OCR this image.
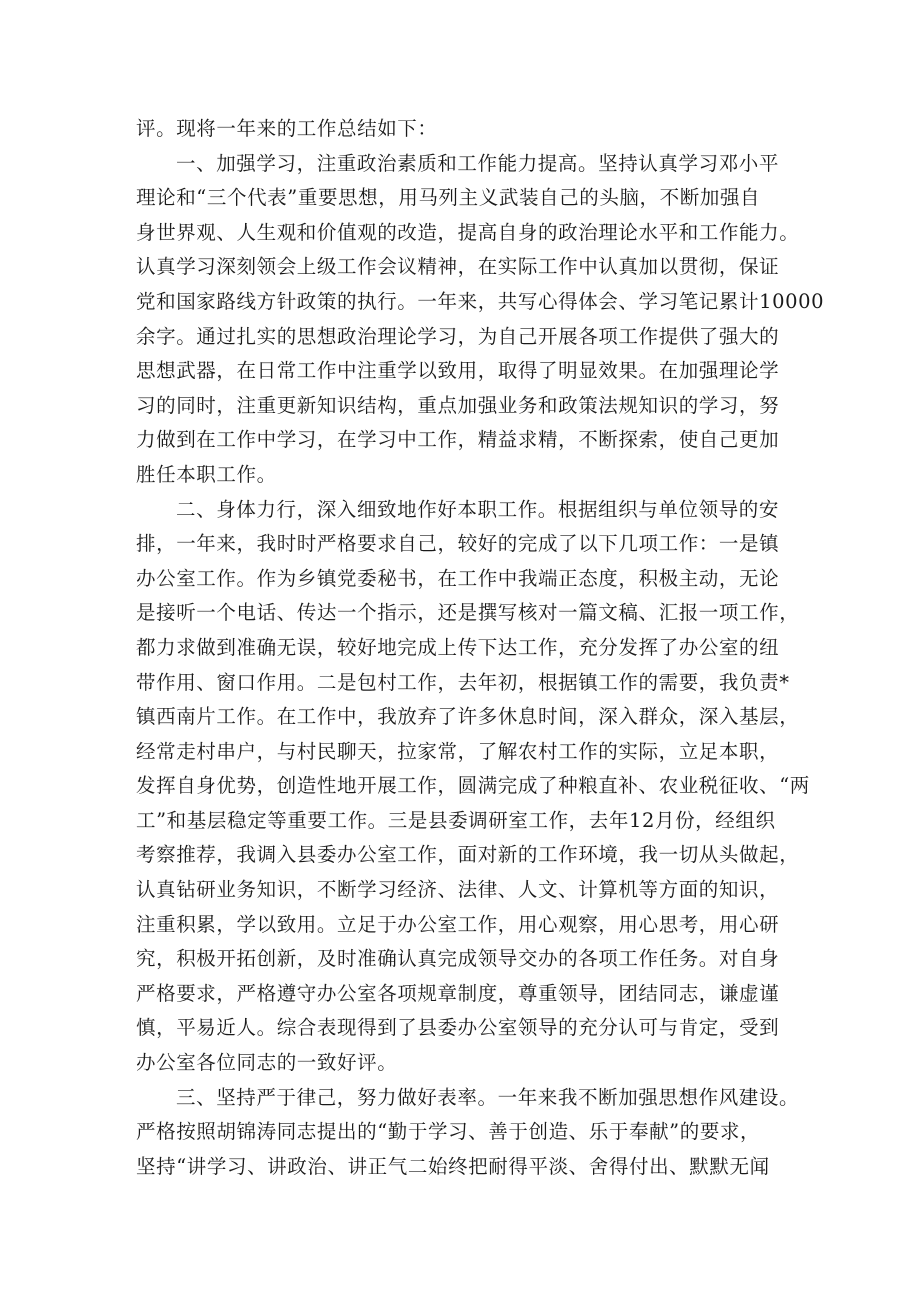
评。现将一年来的工作总结如下：
一、加强学习，注重政治素质和工作能力提高。坚持认真学习邓小平
理论和“三个代表”重要思想，用马列主义武装自己的头脑，不断加强自
身世界观、人生观和价值观的改造，提高自身的政治理论水平和工作能力。
认真学习深刻领会上级工作会议精神，在实际工作中认真加以贯彻，保证
党和国家路线方针政策的执行。一年来，共写心得体会、学习笔记累计10000
余字。通过扎实的思想政治理论学习，为自己开展各项工作提供了强大的
思想武器，在日常工作中注重学以致用，取得了明显效果。在加强理论学
习的同时，注重更新知识结构，重点加强业务和政策法规知识的学习，努
力做到在工作中学习，在学习中工作，精益求精，不断探索，使自己更加
胜任本职工作。
二、身体力行，深入细致地作好本职工作。根据组织与单位领导的安
排，一年来，我时时严格要求自己，较好的完成了以下几项工作：一是镇
办公室工作。作为乡镇党委秘书，在工作中我端正态度，积极主动，无论
是接听一个电话、传达一个指示，还是撰写核对一篇文稿、汇报一项工作，
都力求做到准确无误，较好地完成上传下达工作，充分发挥了办公室的纽
带作用、窗口作用。二是包村工作，去年初，根据镇工作的需要，我负责*
镇西南片工作。在工作中，我放弃了许多休息时间，深入群众，深入基层，
经常走村串户，与村民聊天，拉家常，了解农村工作的实际，立足本职，
发挥自身优势，创造性地开展工作，圆满完成了种粮直补、农业税征收、“两
工”和基层稳定等重要工作。三是县委调研室工作，去年12月份，经组织
考察推荐，我调入县委办公室工作，面对新的工作环境，我一切从头做起，
认真钻研业务知识，不断学习经济、法律、人文、计算机等方面的知识，
注重积累，学以致用。立足于办公室工作，用心观察，用心思考，用心研
究，积极开拓创新，及时准确认真完成领导交办的各项工作任务。对自身
严格要求，严格遵守办公室各项规章制度，尊重领导，团结同志，谦虚谨
慎，平易近人。综合表现得到了县委办公室领导的充分认可与肯定，受到
办公室各位同志的一致好评。
三、坚持严于律己，努力做好表率。一年来我不断加强思想作风建设。
严格按照胡锦涛同志提出的“勤于学习、善于创造、乐于奉献”的要求，
坚持“讲学习、讲政治、讲正气二始终把耐得平淡、舍得付出、默默无闻
